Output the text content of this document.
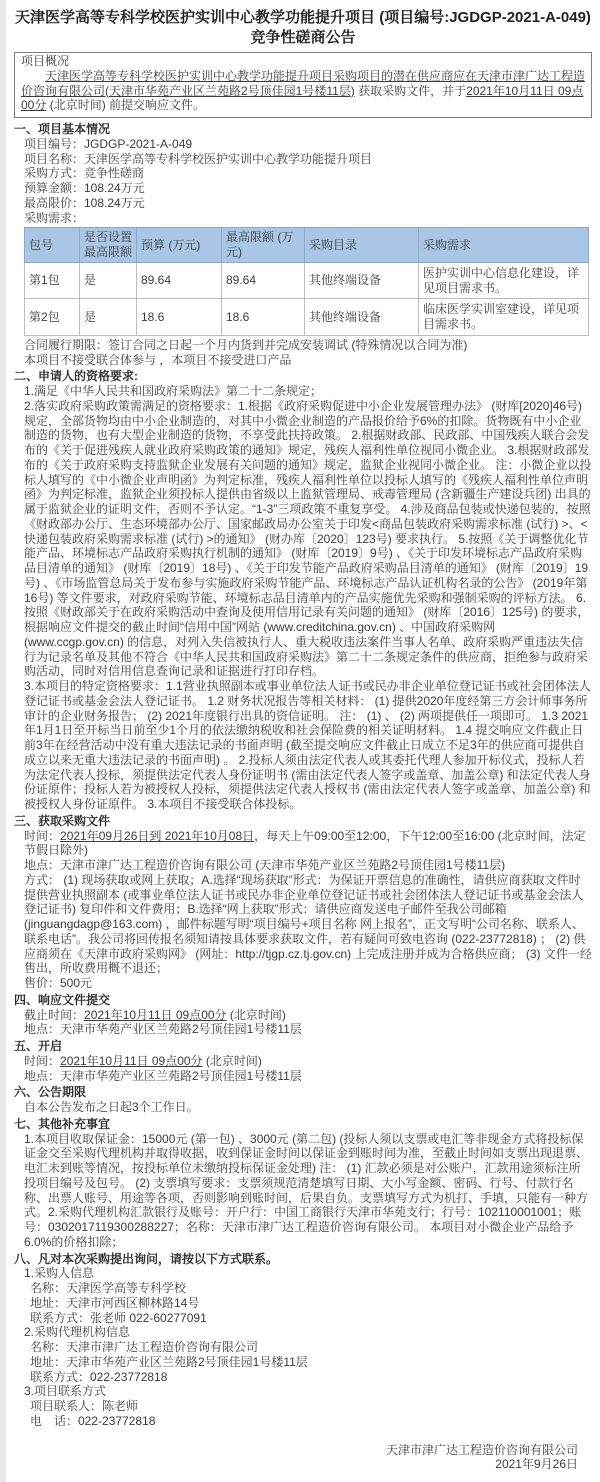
天津医学高等专科学校医护实训中心教学功能提升项目 (项目编号:JGDGP-2021-A-049)竞争性磋商公告
项目概况

天津医学高等专科学校医护实训中心教学功能提升项目采购项目的潜在供应商应在天津市津广达工程造价咨询有限公司(天津市华苑产业区兰苑路2号顶佳园1号楼11层) 获取采购文件，并于2021年10月11日 09点00分 (北京时间) 前提交响应文件。

一、项目基本情况
项目编号：JGDGP-2021-A-049
项目名称：天津医学高等专科学校医护实训中心教学功能提升项目
采购方式：竞争性磋商
预算金额：108.24万元
最高限价：108.24万元
采购需求：
包号	是否设置最高限额	预算 (万元)	最高限额 (万元)	采购目录	采购需求
第1包	是	89.64	89.64	其他终端设备	医护实训中心信息化建设，详见项目需求书。
第2包	是	18.6	18.6	其他终端设备	临床医学实训室建设，详见项目需求书。
合同履行期限：签订合同之日起一个月内货到并完成安装调试 (特殊情况以合同为准)
本项目不接受联合体参与 ，本项目不接受进口产品
二、申请人的资格要求:

1.满足《中华人民共和国政府采购法》第二十二条规定；

2.落实政府采购政策需满足的资格要求：1.根据《政府采购促进中小企业发展管理办法》 (财库[2020]46号) 规定，全部货物均由中小企业制造的，对其中小微企业制造的产品报价给予6%的扣除。货物既有中小企业制造的货物，也有大型企业制造的货物，不享受此扶持政策。 2.根据财政部、民政部、中国残疾人联合会发布的《关于促进残疾人就业政府采购政策的通知》规定，残疾人福利性单位视同小微企业。 3.根据财政部发布的《关于政府采购支持监狱企业发展有关问题的通知》规定，监狱企业视同小微企业。 注：小微企业以投标人填写的《中小微企业声明函》为判定标准，残疾人福利性单位以投标人填写的《残疾人福利性单位声明函》为判定标准，监狱企业须投标人提供由省级以上监狱管理局、戒毒管理局 (含新疆生产建设兵团) 出具的属于监狱企业的证明文件，否则不予认定。“1-3”三项政策不重复享受。 4.涉及商品包装或快递包装的，按照《财政部办公厅、生态环境部办公厅、国家邮政局办公室关于印发<商品包装政府采购需求标准 (试行) >、<快递包装政府采购需求标准 (试行) >的通知》 (财办库〔2020〕123号) 要求执行。 5.按照《关于调整优化节能产品、环境标志产品政府采购执行机制的通知》 (财库〔2019〕9号) 、《关于印发环境标志产品政府采购品目清单的通知》 (财库〔2019〕18号) 、《关于印发节能产品政府采购品目清单的通知》 (财库〔2019〕19号) 、《市场监管总局关于发布参与实施政府采购节能产品、环境标志产品认证机构名录的公告》 (2019年第16号) 等文件要求，对政府采购节能、环境标志品目清单内的产品实施优先采购和强制采购的评标方法。 6.按照《财政部关于在政府采购活动中查询及使用信用记录有关问题的通知》 (财库〔2016〕125号) 的要求，根据响应文件提交的截止时间“信用中国”网站 (www.creditchina.gov.cn) 、中国政府采购网 (www.ccgp.gov.cn) 的信息，对列入失信被执行人、重大税收违法案件当事人名单、政府采购严重违法失信行为记录名单及其他不符合《中华人民共和国政府采购法》第二十二条规定条件的供应商，拒绝参与政府采购活动，同时对信用信息查询记录和证据进行打印存档。

3.本项目的特定资格要求：1.1营业执照副本或事业单位法人证书或民办非企业单位登记证书或社会团体法人登记证书或基金会法人登记证书。 1.2 财务状况报告等相关材料： (1) 提供2020年度经第三方会计师事务所审计的企业财务报告； (2) 2021年度银行出具的资信证明。 注： (1) 、 (2) 两项提供任一项即可。 1.3 2021年1月1日至开标当日前至少1个月的依法缴纳税收和社会保险费的相关证明材料。 1.4 提交响应文件截止日前3年在经营活动中没有重大违法记录的书面声明 (截至提交响应文件截止日成立不足3年的供应商可提供自成立以来无重大违法记录的书面声明) 。 2.投标人须由法定代表人或其委托代理人参加开标仪式，投标人若为法定代表人投标，须提供法定代表人身份证明书 (需由法定代表人签字或盖章、加盖公章) 和法定代表人身份证原件；投标人若为被授权人投标，须提供法定代表人授权书 (需由法定代表人签字或盖章、加盖公章) 和被授权人身份证原件。 3.本项目不接受联合体投标。

三、获取采购文件
时间：2021年09月26日到 2021年10月08日，每天上午09:00至12:00，下午12:00至16:00 (北京时间，法定节假日除外)
地点：天津市津广达工程造价咨询有限公司 (天津市华苑产业区兰苑路2号顶佳园1号楼11层)

方式： (1) 现场获取或网上获取；A.选择“现场获取”形式：为保证开票信息的准确性，请供应商获取文件时提供营业执照副本 (或事业单位法人证书或民办非企业单位登记证书或社会团体法人登记证书或基金会法人登记证书) 复印件和文件费用；B.选择“网上获取”形式：请供应商发送电子邮件至我公司邮箱 (jinguangdagp@163.com) ，邮件标题写明“项目编号+项目名称 网上报名”，正文写明“公司名称、联系人、联系电话”。我公司将回传报名须知请按具体要求获取文件，若有疑问可致电咨询 (022-23772818) ； (2) 供应商须在《天津市政府采购网》 (网址：http://tjgp.cz.tj.gov.cn) 上完成注册并成为合格供应商； (3) 文件一经售出，所收费用概不退还；

售价：500元
四、响应文件提交
截止时间：2021年10月11日 09点00分 (北京时间)
地点：天津市华苑产业区兰苑路2号顶佳园1号楼11层
五、开启
时间：2021年10月11日 09点00分 (北京时间)
地点：天津市华苑产业区兰苑路2号顶佳园1号楼11层
六、公告期限
自本公告发布之日起3个工作日。
七、其他补充事宜

1.本项目收取保证金：15000元 (第一包) 、3000元 (第二包) (投标人须以支票或电汇等非现金方式将投标保证金交至采购代理机构并取得收据，收到保证金时间以保证金到账时间为准，至截止时间如支票出现退票、电汇未到账等情况，按投标单位未缴纳投标保证金处理) 注： (1) 汇款必须是对公账户，汇款用途须标注所投项目编号及包号。 (2) 支票填写要求：支票须规范清楚填写日期、大小写金额、密码、行号、付款行名称、出票人账号、用途等各项，否则影响到账时间，后果自负。支票填写方式为机打、手填，只能有一种方式。2.采购代理机构汇款银行及账号：开户行：中国工商银行天津市华苑支行；行号：102110001001；账号：0302017119300288227；名称：天津市津广达工程造价咨询有限公司。 本项目对小微企业产品给予6.0%的价格扣除；

八、凡对本次采购提出询问，请按以下方式联系。
1.采购人信息
名称：天津医学高等专科学校
地址：天津市河西区柳林路14号
联系方式：张老师 022-60277091
2.采购代理机构信息
名称：天津市津广达工程造价咨询有限公司
地址：天津市华苑产业区兰苑路2号顶佳园1号楼11层
联系方式：022-23772818
3.项目联系方式
项目联系人：陈老师
电　话：022-23772818
天津市津广达工程造价咨询有限公司
2021年9月26日
